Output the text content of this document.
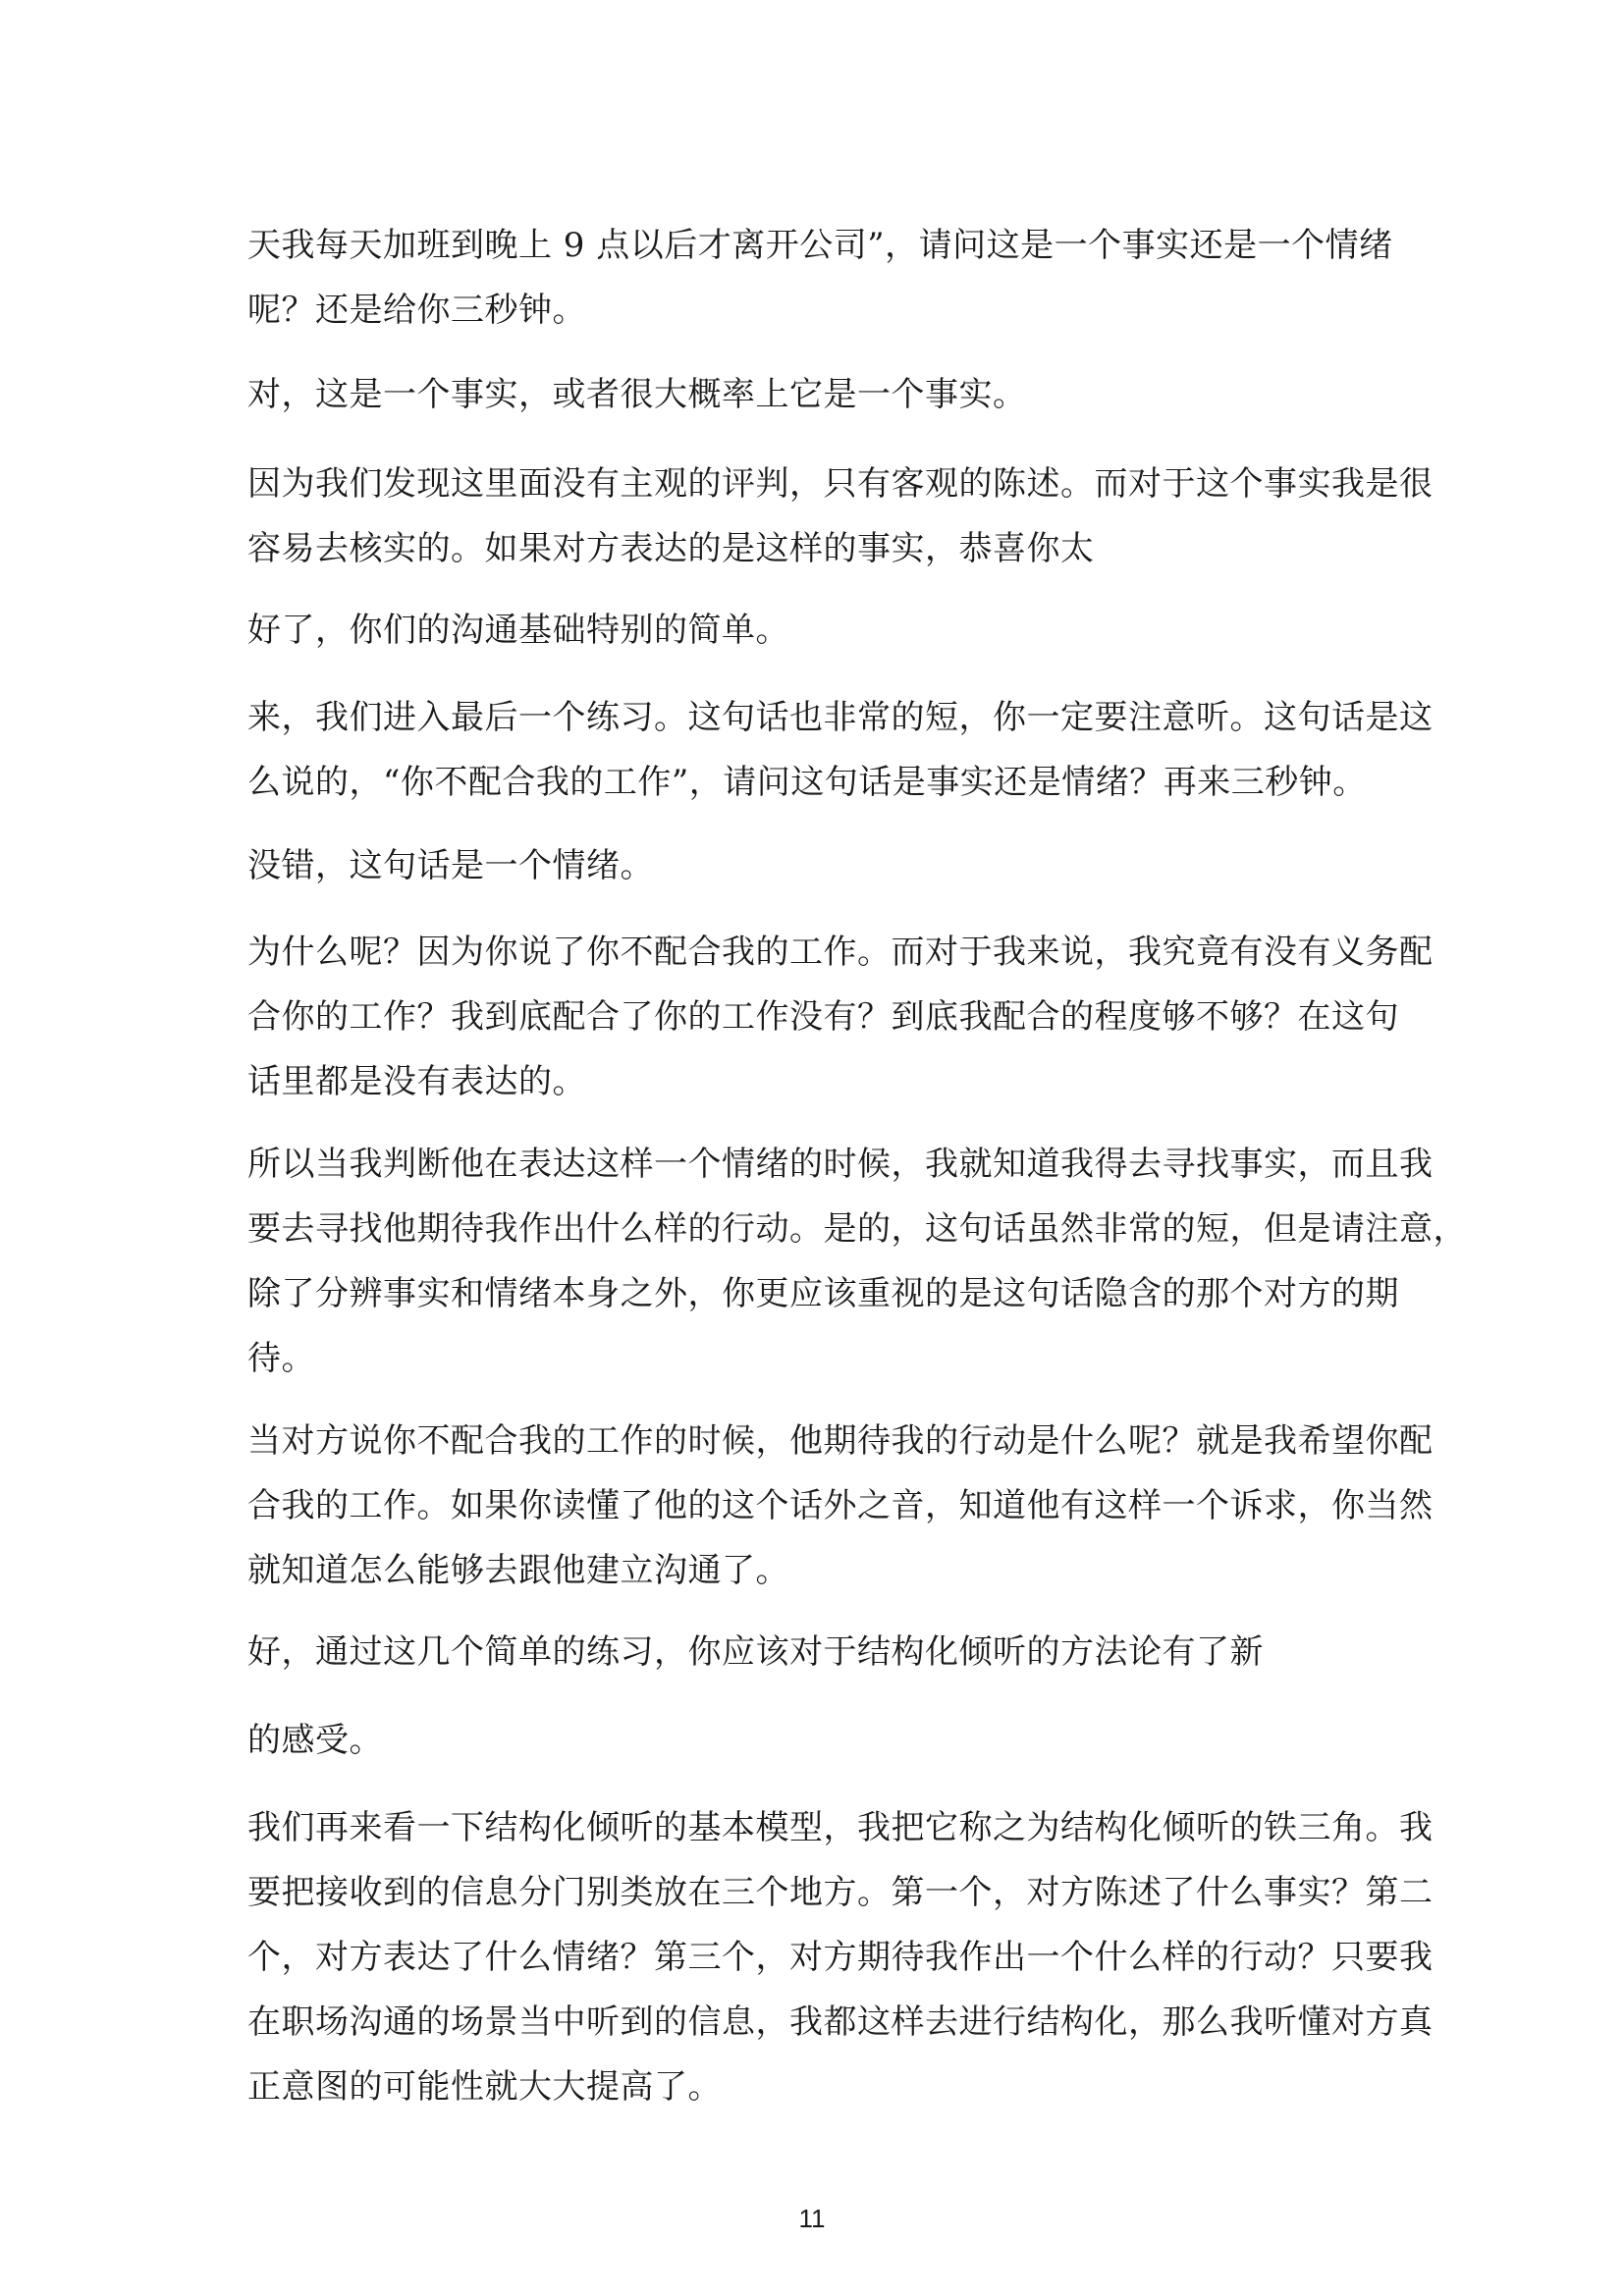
天我每天加班到晚上 9 点以后才离开公司”，请问这是一个事实还是一个情绪
呢？还是给你三秒钟。

对，这是一个事实，或者很大概率上它是一个事实。

因为我们发现这里面没有主观的评判，只有客观的陈述。而对于这个事实我是很
容易去核实的。如果对方表达的是这样的事实，恭喜你太

好了，你们的沟通基础特别的简单。

来，我们进入最后一个练习。这句话也非常的短，你一定要注意听。这句话是这
么说的，“你不配合我的工作”，请问这句话是事实还是情绪？再来三秒钟。

没错，这句话是一个情绪。

为什么呢？因为你说了你不配合我的工作。而对于我来说，我究竟有没有义务配
合你的工作？我到底配合了你的工作没有？到底我配合的程度够不够？在这句
话里都是没有表达的。

所以当我判断他在表达这样一个情绪的时候，我就知道我得去寻找事实，而且我
要去寻找他期待我作出什么样的行动。是的，这句话虽然非常的短，但是请注意，
除了分辨事实和情绪本身之外，你更应该重视的是这句话隐含的那个对方的期
待。

当对方说你不配合我的工作的时候，他期待我的行动是什么呢？就是我希望你配
合我的工作。如果你读懂了他的这个话外之音，知道他有这样一个诉求，你当然
就知道怎么能够去跟他建立沟通了。

好，通过这几个简单的练习，你应该对于结构化倾听的方法论有了新

的感受。

我们再来看一下结构化倾听的基本模型，我把它称之为结构化倾听的铁三角。我
要把接收到的信息分门别类放在三个地方。第一个，对方陈述了什么事实？第二
个，对方表达了什么情绪？第三个，对方期待我作出一个什么样的行动？只要我
在职场沟通的场景当中听到的信息，我都这样去进行结构化，那么我听懂对方真
正意图的可能性就大大提高了。

11
